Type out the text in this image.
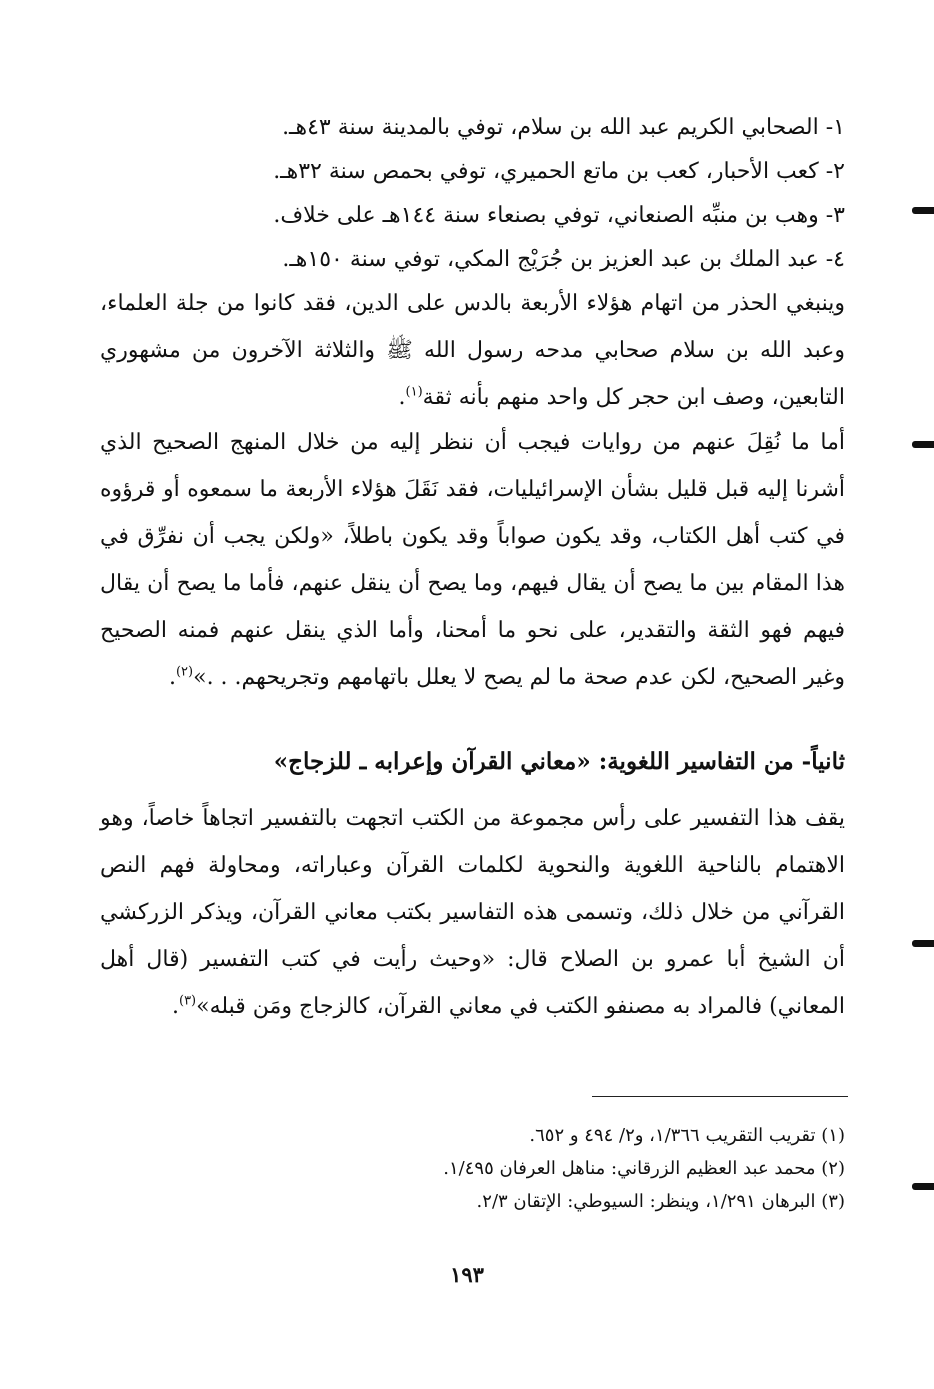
١- الصحابي الكريم عبد الله بن سلام، توفي بالمدينة سنة ٤٣هـ.
٢- كعب الأحبار، كعب بن ماتع الحميري، توفي بحمص سنة ٣٢هـ.
٣- وهب بن منبِّه الصنعاني، توفي بصنعاء سنة ١٤٤هـ على خلاف.
٤- عبد الملك بن عبد العزيز بن جُرَيْج المكي، توفي سنة ١٥٠هـ.

وينبغي الحذر من اتهام هؤلاء الأربعة بالدس على الدين، فقد كانوا من جلة العلماء، وعبد الله بن سلام صحابي مدحه رسول الله ﷺ والثلاثة الآخرون من مشهوري التابعين، وصف ابن حجر كل واحد منهم بأنه ثقة$^{(١)}$.

أما ما نُقِلَ عنهم من روايات فيجب أن ننظر إليه من خلال المنهج الصحيح الذي أشرنا إليه قبل قليل بشأن الإسرائيليات، فقد نَقَلَ هؤلاء الأربعة ما سمعوه أو قرؤوه في كتب أهل الكتاب، وقد يكون صواباً وقد يكون باطلاً، «ولكن يجب أن نفرِّق في هذا المقام بين ما يصح أن يقال فيهم، وما يصح أن ينقل عنهم، فأما ما يصح أن يقال فيهم فهو الثقة والتقدير، على نحو ما أمحنا، وأما الذي ينقل عنهم فمنه الصحيح وغير الصحيح، لكن عدم صحة ما لم يصح لا يعلل باتهامهم وتجريحهم. . .»$^{(٢)}$.

ثانياً- من التفاسير اللغوية: «معاني القرآن وإعرابه ـ للزجاج»

يقف هذا التفسير على رأس مجموعة من الكتب اتجهت بالتفسير اتجاهاً خاصاً، وهو الاهتمام بالناحية اللغوية والنحوية لكلمات القرآن وعباراته، ومحاولة فهم النص القرآني من خلال ذلك، وتسمى هذه التفاسير بكتب معاني القرآن، ويذكر الزركشي أن الشيخ أبا عمرو بن الصلاح قال: «وحيث رأيت في كتب التفسير (قال أهل المعاني) فالمراد به مصنفو الكتب في معاني القرآن، كالزجاج ومَن قبله»$^{(٣)}$.

(١) تقريب التقريب ١/٣٦٦، و٢/ ٤٩٤ و ٦٥٢.
(٢) محمد عبد العظيم الزرقاني: مناهل العرفان ١/٤٩٥.
(٣) البرهان ١/٢٩١، وينظر: السيوطي: الإتقان ٢/٣.
١٩٣
